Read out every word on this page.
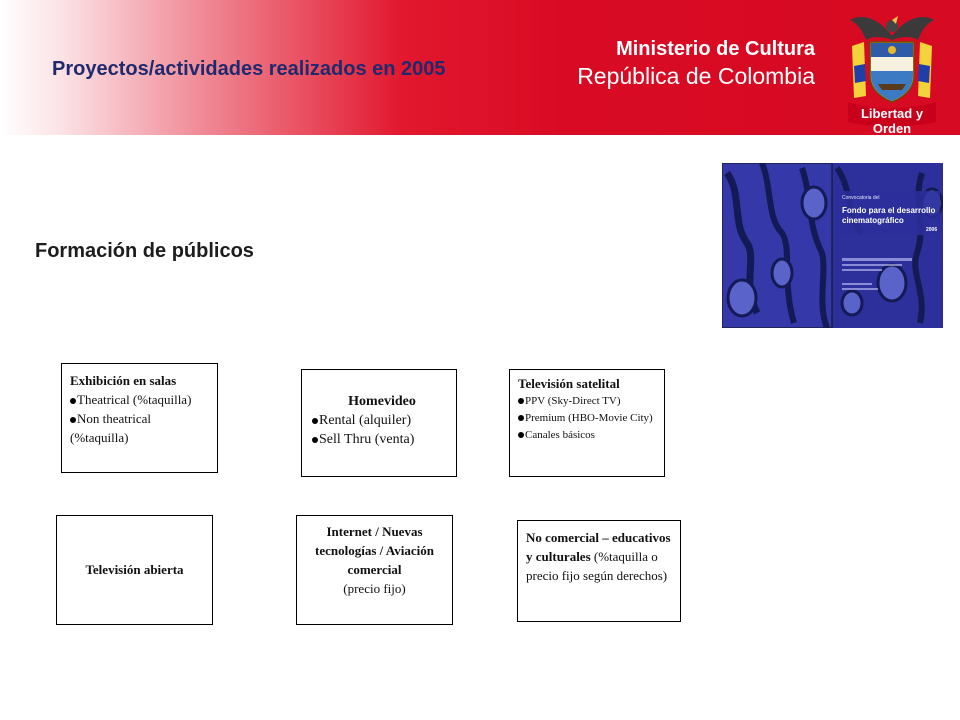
Proyectos/actividades realizados en 2005
Ministerio de Cultura
República de Colombia
Libertad y Orden
Formación de públicos
Convocatoria del
Fondo para el desarrollo
cinematográfico
2006
Exhibición en salas
Theatrical (%taquilla)
Non theatrical (%taquilla)
Homevideo
Rental (alquiler)
Sell Thru (venta)
Televisión satelital
PPV (Sky-Direct TV)
Premium (HBO-Movie City)
Canales básicos
Televisión abierta
Internet / Nuevas tecnologías / Aviación comercial
(precio fijo)
No comercial – educativos y culturales (%taquilla o precio fijo según derechos)
